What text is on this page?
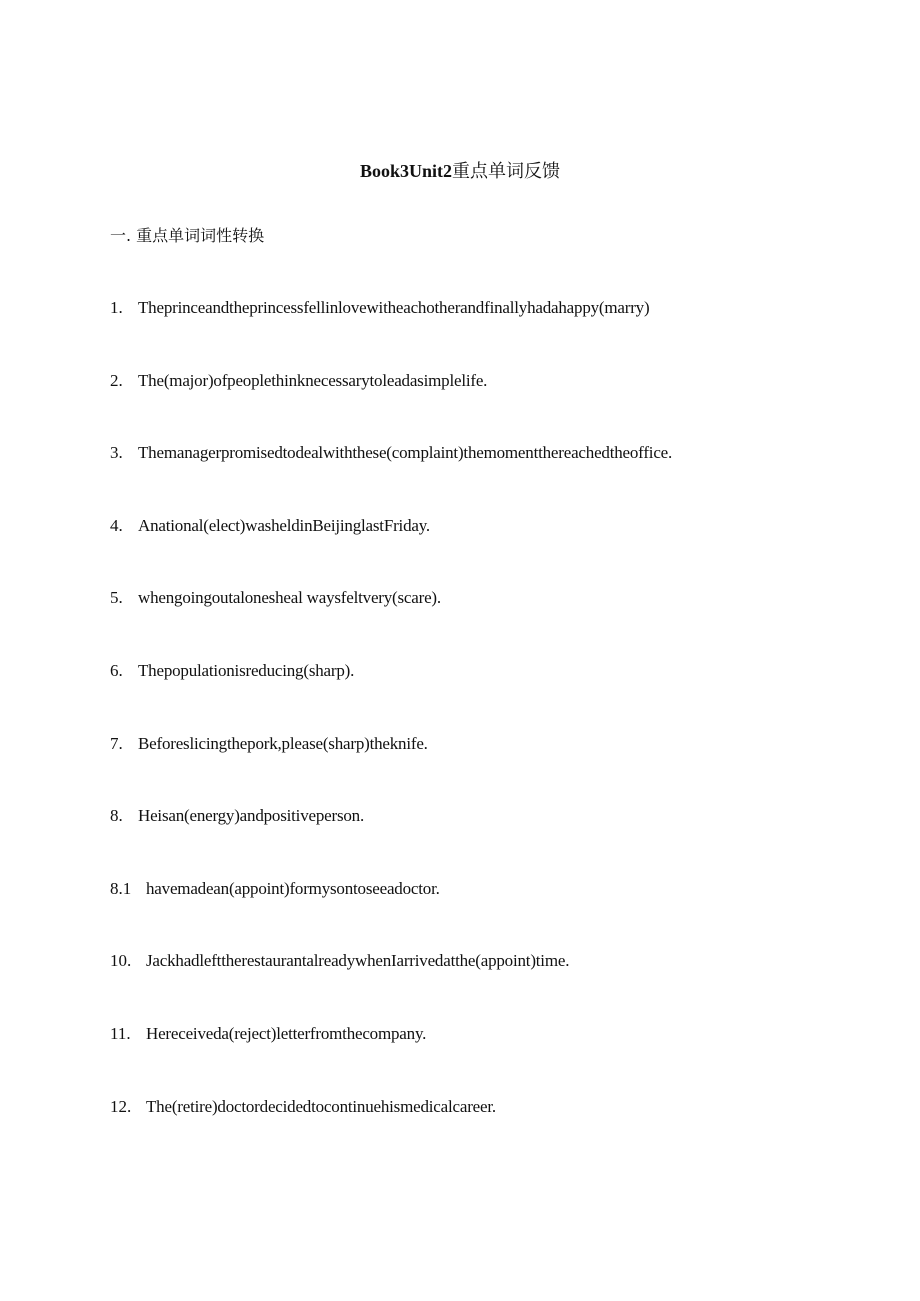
Book3Unit2重点单词反馈
一. 重点单词词性转换
1. Theprinceandtheprincessfellinlovewitheachotherandfinallyhadahappy(marry)
2. The(major)ofpeoplethinknecessarytoleadasimplelife.
3. Themanagerpromisedtodealwiththese(complaint)themomentthereachedtheoffice.
4. Anational(elect)washeldinBeijinglastFriday.
5. whengoingoutalonesheal waysfeltvery(scare).
6. Thepopulationisreducing(sharp).
7. Beforeslicingthepork,please(sharp)theknife.
8. Heisan(energy)andpositiveperson.
8.1 havemadean(appoint)formysontoseeadoctor.
10. JackhadlefttherestaurantalreadywhenIarrivedatthe(appoint)time.
11. Hereceiveda(reject)letterfromthecompany.
12. The(retire)doctordecidedtocontinuehismedicalcareer.
